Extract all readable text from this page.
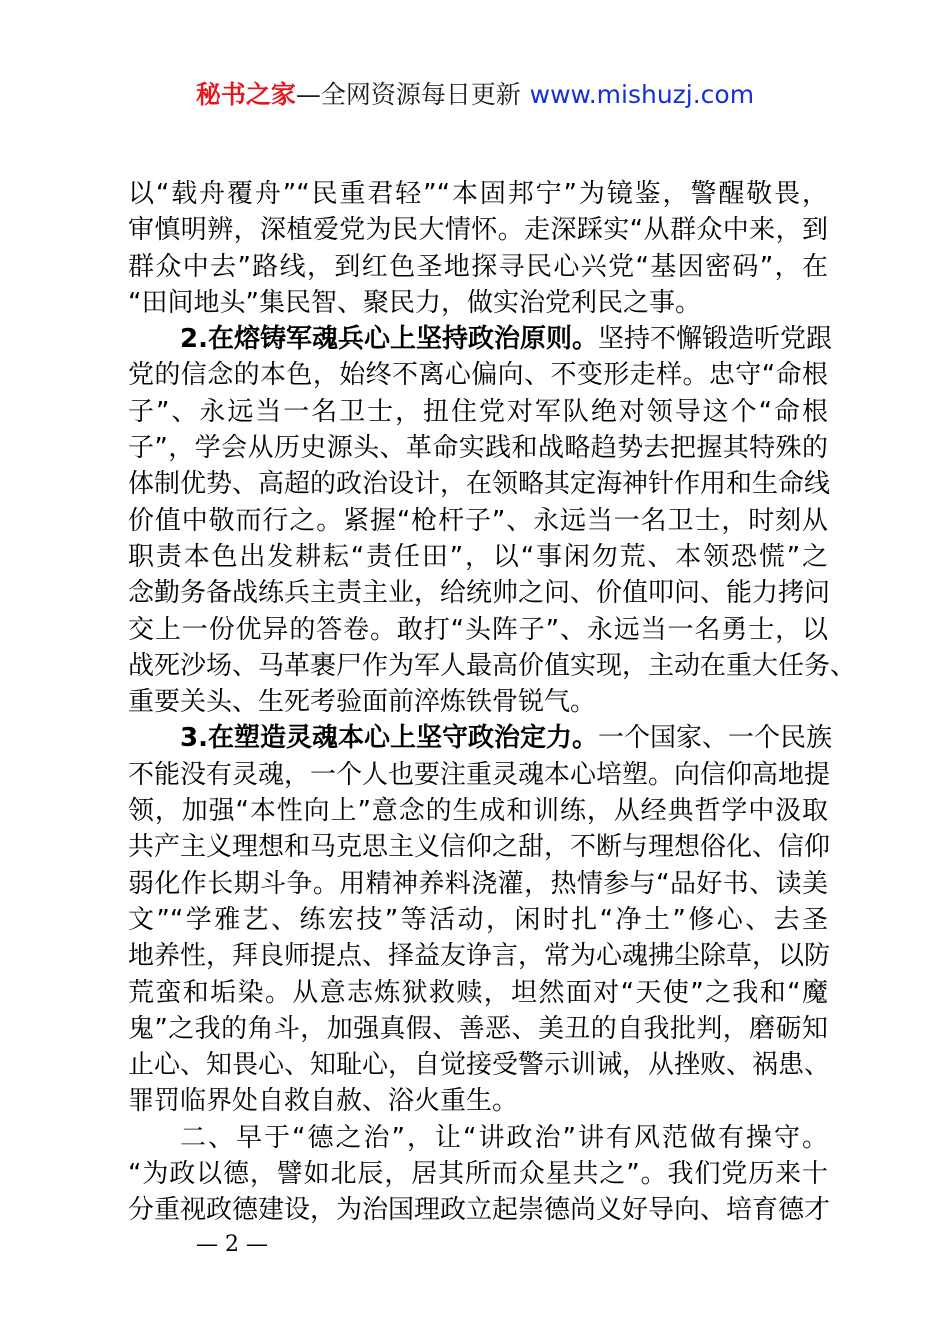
秘书之家—全网资源每日更新 www.mishuzj.com
以“载舟覆舟”“民重君轻”“本固邦宁”为镜鉴，警醒敬畏，
审慎明辨，深植爱党为民大情怀。走深踩实“从群众中来，到
群众中去”路线，到红色圣地探寻民心兴党“基因密码”，在
“田间地头”集民智、聚民力，做实治党利民之事。
2.在熔铸军魂兵心上坚持政治原则。坚持不懈锻造听党跟
党的信念的本色，始终不离心偏向、不变形走样。忠守“命根
子”、永远当一名卫士，扭住党对军队绝对领导这个“命根
子”，学会从历史源头、革命实践和战略趋势去把握其特殊的
体制优势、高超的政治设计，在领略其定海神针作用和生命线
价值中敬而行之。紧握“枪杆子”、永远当一名卫士，时刻从
职责本色出发耕耘“责任田”，以“事闲勿荒、本领恐慌”之
念勤务备战练兵主责主业，给统帅之问、价值叩问、能力拷问
交上一份优异的答卷。敢打“头阵子”、永远当一名勇士，以
战死沙场、马革裹尸作为军人最高价值实现，主动在重大任务、
重要关头、生死考验面前淬炼铁骨锐气。
3.在塑造灵魂本心上坚守政治定力。一个国家、一个民族
不能没有灵魂，一个人也要注重灵魂本心培塑。向信仰高地提
领，加强“本性向上”意念的生成和训练，从经典哲学中汲取
共产主义理想和马克思主义信仰之甜，不断与理想俗化、信仰
弱化作长期斗争。用精神养料浇灌，热情参与“品好书、读美
文”“学雅艺、练宏技”等活动，闲时扎“净土”修心、去圣
地养性，拜良师提点、择益友诤言，常为心魂拂尘除草，以防
荒蛮和垢染。从意志炼狱救赎，坦然面对“天使”之我和“魔
鬼”之我的角斗，加强真假、善恶、美丑的自我批判，磨砺知
止心、知畏心、知耻心，自觉接受警示训诫，从挫败、祸患、
罪罚临界处自救自赦、浴火重生。
二、早于“德之治”，让“讲政治”讲有风范做有操守。
“为政以德，譬如北辰，居其所而众星共之”。我们党历来十
分重视政德建设，为治国理政立起崇德尚义好导向、培育德才
— 2 —
